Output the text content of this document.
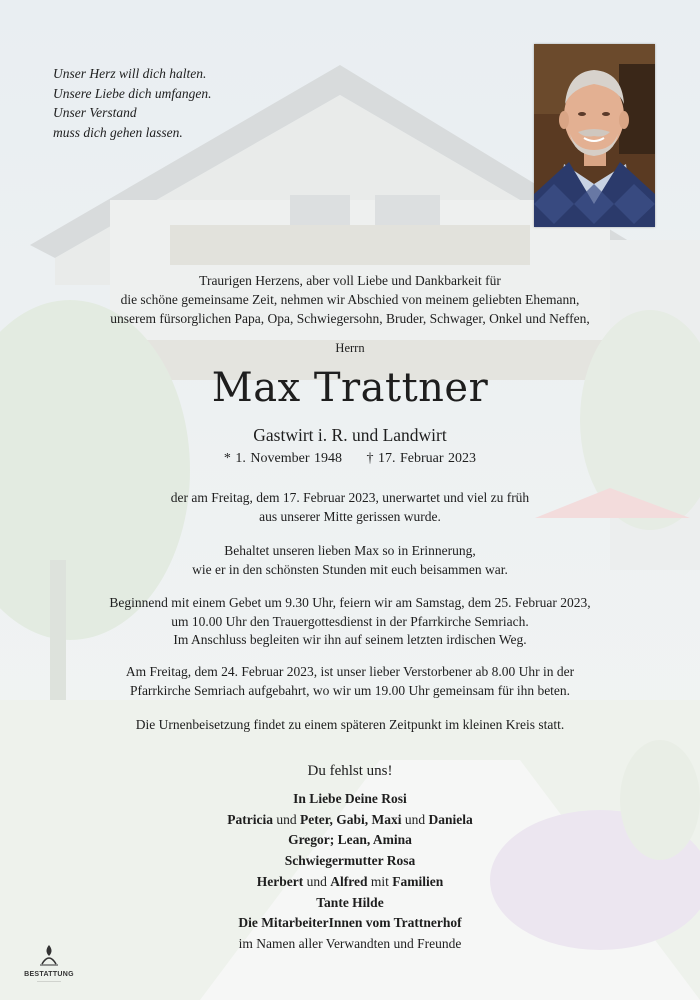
Unser Herz will dich halten.
Unsere Liebe dich umfangen.
Unser Verstand
muss dich gehen lassen.
Traurigen Herzens, aber voll Liebe und Dankbarkeit für
die schöne gemeinsame Zeit, nehmen wir Abschied von meinem geliebten Ehemann,
unserem fürsorglichen Papa, Opa, Schwiegersohn, Bruder, Schwager, Onkel und Neffen,
Herrn
Max Trattner
Gastwirt i. R. und Landwirt
* 1. November 1948 † 17. Februar 2023
der am Freitag, dem 17. Februar 2023, unerwartet und viel zu früh
aus unserer Mitte gerissen wurde.
Behaltet unseren lieben Max so in Erinnerung,
wie er in den schönsten Stunden mit euch beisammen war.
Beginnend mit einem Gebet um 9.30 Uhr, feiern wir am Samstag, dem 25. Februar 2023,
um 10.00 Uhr den Trauergottesdienst in der Pfarrkirche Semriach.
Im Anschluss begleiten wir ihn auf seinem letzten irdischen Weg.
Am Freitag, dem 24. Februar 2023, ist unser lieber Verstorbener ab 8.00 Uhr in der
Pfarrkirche Semriach aufgebahrt, wo wir um 19.00 Uhr gemeinsam für ihn beten.
Die Urnenbeisetzung findet zu einem späteren Zeitpunkt im kleinen Kreis statt.
Du fehlst uns!
In Liebe Deine Rosi
Patricia und Peter, Gabi, Maxi und Daniela
Gregor; Lean, Amina
Schwiegermutter Rosa
Herbert und Alfred mit Familien
Tante Hilde
Die MitarbeiterInnen vom Trattnerhof
im Namen aller Verwandten und Freunde
BESTATTUNG
——————
